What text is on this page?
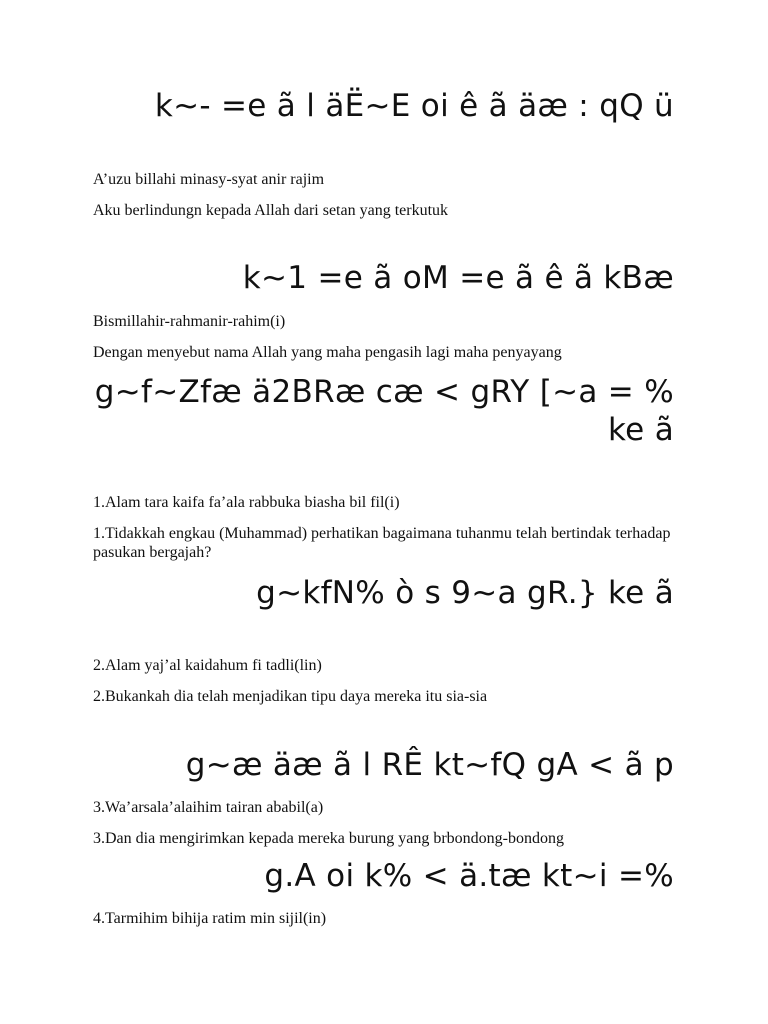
k~- =e ã l äË~E oi ê ã äæ : qQ ü
A’uzu billahi minasy-syat anir rajim
Aku berlindungn kepada Allah dari setan yang terkutuk
k~1 =e ã oM =e ã ê ã kBæ
Bismillahir-rahmanir-rahim(i)
Dengan menyebut nama Allah yang maha pengasih lagi maha penyayang
g~f~Zfæ ä2BRæ cæ < gRY [~a = % ke ã
1.Alam tara kaifa fa’ala rabbuka biasha bil fil(i)
1.Tidakkah engkau (Muhammad) perhatikan bagaimana tuhanmu telah bertindak terhadap pasukan bergajah?
g~kfN% ò s 9~a gR.} ke ã
2.Alam yaj’al kaidahum fi tadli(lin)
2.Bukankah dia telah menjadikan tipu daya mereka itu sia-sia
g~æ äæ ã l RÊ kt~fQ gA < ã p
3.Wa’arsala’alaihim tairan ababil(a)
3.Dan dia mengirimkan kepada mereka burung yang brbondong-bondong
g.A oi k% < ä.tæ kt~i =%
4.Tarmihim bihija ratim min sijil(in)
